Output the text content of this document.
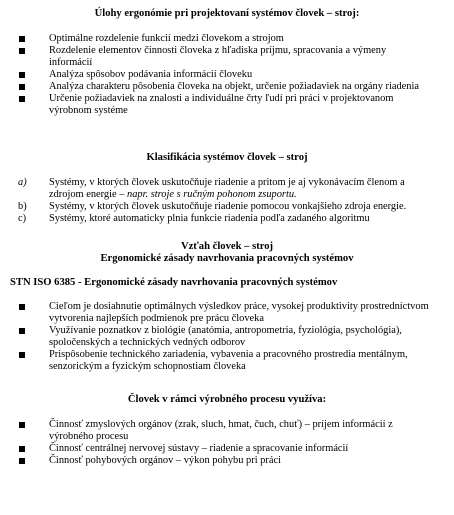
Úlohy ergonómie pri projektovaní systémov človek – stroj:
Optimálne rozdelenie funkcií medzi človekom a strojom
Rozdelenie elementov činnosti človeka z hľadiska príjmu, spracovania a výmeny informácií
Analýza spôsobov podávania informácií človeku
Analýza charakteru pôsobenia človeka na objekt, určenie požiadaviek na orgány riadenia
Určenie požiadaviek na znalosti a individuálne črty ľudí pri práci v projektovanom výrobnom systéme
Klasifikácia systémov človek – stroj
a)	Systémy, v ktorých človek uskutočňuje riadenie a pritom je aj vykonávacím členom a zdrojom energie – napr. stroje s ručným pohonom zsuportu.
b)	Systémy, v ktorých človek uskutočňuje riadenie pomocou vonkajšieho zdroja energie.
c)	Systémy, ktoré automaticky plnia funkcie riadenia podľa zadaného algoritmu
Vzťah človek – stroj
Ergonomické zásady navrhovania pracovných systémov
STN ISO 6385 - Ergonomické zásady navrhovania pracovných systémov
Cieľom je dosiahnutie optimálnych výsledkov práce, vysokej produktivity prostredníctvom vytvorenia najlepších podmienok pre prácu človeka
Využívanie poznatkov z biológie (anatómia, antropometria, fyziológia, psychológia), spoločenských a technických vedných odborov
Prispôsobenie technického zariadenia, vybavenia a pracovného prostredia mentálnym, senzorickým a fyzickým schopnostiam človeka
Človek v rámci výrobného procesu využíva:
Činnosť zmyslových orgánov (zrak, sluch, hmat, čuch, chuť) – príjem informácií z výrobného procesu
Činnosť centrálnej nervovej sústavy – riadenie a spracovanie informácií
Činnosť pohybových orgánov – výkon pohybu pri práci
